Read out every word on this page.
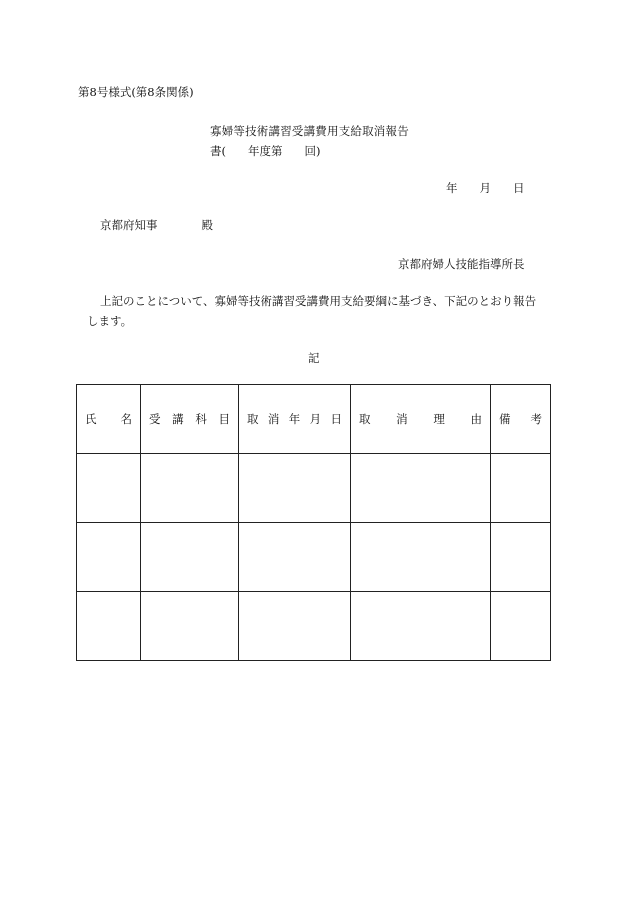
第8号様式(第8条関係)
寡婦等技術講習受講費用支給取消報告
書( 年度第 回)
年 月 日
京都府知事	殿
京都府婦人技能指導所長
上記のことについて、寡婦等技術講習受講費用支給要綱に基づき、下記のとおり報告
します。
記
氏 名	受 講 科 目	取 消 年 月 日	取 消 理 由	備 考
